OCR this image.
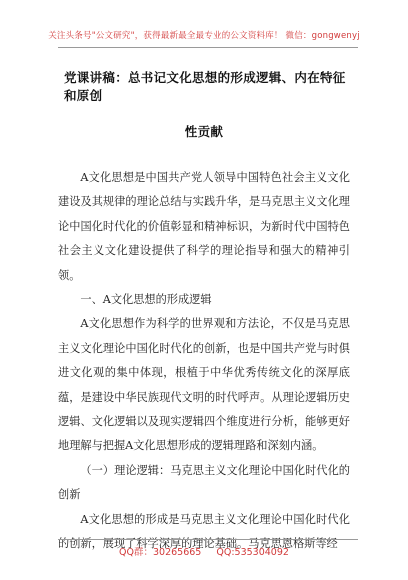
关注头条号"公文研究"，获得最新最全最专业的公文资料库！ 微信：gongwenyj
党课讲稿：总书记文化思想的形成逻辑、内在特征和原创
性贡献

A文化思想是中国共产党人领导中国特色社会主义文化建设及其规律的理论总结与实践升华，是马克思主义文化理论中国化时代化的价值彰显和精神标识，为新时代中国特色社会主义文化建设提供了科学的理论指导和强大的精神引领。

一、A文化思想的形成逻辑

A文化思想作为科学的世界观和方法论，不仅是马克思主义文化理论中国化时代化的创新，也是中国共产党与时俱进文化观的集中体现，根植于中华优秀传统文化的深厚底蕴，是建设中华民族现代文明的时代呼声。从理论逻辑历史逻辑、文化逻辑以及现实逻辑四个维度进行分析，能够更好地理解与把握A文化思想形成的逻辑理路和深刻内涵。

（一）理论逻辑：马克思主义文化理论中国化时代化的创新

A文化思想的形成是马克思主义文化理论中国化时代化的创新，展现了科学深厚的理论基础。马克思恩格斯等经

QQ群：30265665 QQ:535304092
